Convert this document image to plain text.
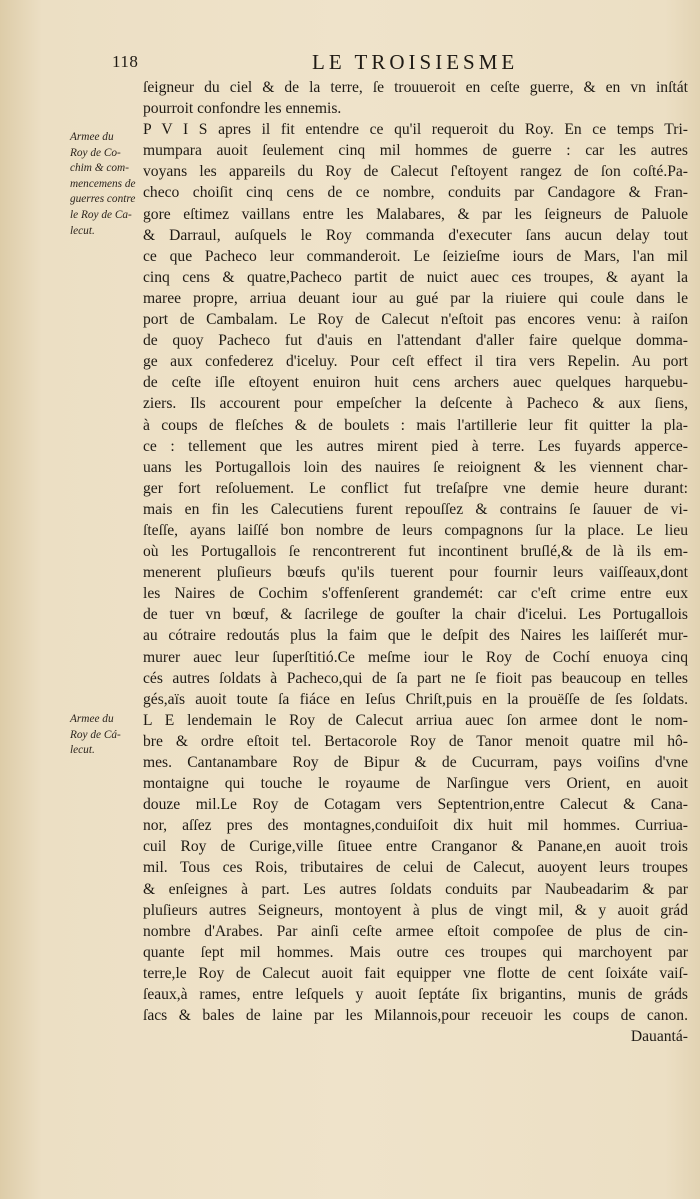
118	LE TROISIESME
Armee du
Roy de Co-
chim & com-
mencemens de
guerres contre
le Roy de Ca-
lecut.
Armee du
Roy de Cá-
lecut.
ſeigneur du ciel & de la terre, ſe trouueroit en ceſte guerre, & en vn inſtát
pourroit confondre les ennemis.
P V I S apres il fit entendre ce qu'il requeroit du Roy. En ce temps Tri-
mumpara auoit ſeulement cinq mil hommes de guerre : car les autres
voyans les appareils du Roy de Calecut ſ'eſtoyent rangez de ſon coſté.Pa-
checo choiſit cinq cens de ce nombre, conduits par Candagore & Fran-
gore eſtimez vaillans entre les Malabares, & par les ſeigneurs de Paluole
& Darraul, auſquels le Roy commanda d'executer ſans aucun delay tout
ce que Pacheco leur commanderoit. Le ſeizieſme iours de Mars, l'an mil
cinq cens & quatre,Pacheco partit de nuict auec ces troupes, & ayant la
maree propre, arriua deuant iour au gué par la riuiere qui coule dans le
port de Cambalam. Le Roy de Calecut n'eſtoit pas encores venu: à raiſon
de quoy Pacheco fut d'auis en l'attendant d'aller faire quelque domma-
ge aux confederez d'iceluy. Pour ceſt effect il tira vers Repelin. Au port
de ceſte iſle eſtoyent enuiron huit cens archers auec quelques harquebu-
ziers. Ils accourent pour empeſcher la deſcente à Pacheco & aux ſiens,
à coups de fleſches & de boulets : mais l'artillerie leur fit quitter la pla-
ce : tellement que les autres mirent pied à terre. Les fuyards apperce-
uans les Portugallois loin des nauires ſe reioignent & les viennent char-
ger fort reſoluement. Le conflict fut treſaſpre vne demie heure durant:
mais en fin les Calecutiens furent repouſſez & contrains ſe ſauuer de vi-
ſteſſe, ayans laiſſé bon nombre de leurs compagnons ſur la place. Le lieu
où les Portugallois ſe rencontrerent fut incontinent bruſlé,& de là ils em-
menerent pluſieurs bœufs qu'ils tuerent pour fournir leurs vaiſſeaux,dont
les Naires de Cochim s'offenſerent grandemét: car c'eſt crime entre eux
de tuer vn bœuf, & ſacrilege de gouſter la chair d'icelui. Les Portugallois
au cótraire redoutás plus la faim que le deſpit des Naires les laiſſerét mur-
murer auec leur ſuperſtitió.Ce meſme iour le Roy de Cochí enuoya cinq
cés autres ſoldats à Pacheco,qui de ſa part ne ſe fioit pas beaucoup en telles
gés,aïs auoit toute ſa fiáce en Ieſus Chriſt,puis en la prouëſſe de ſes ſoldats.
L E lendemain le Roy de Calecut arriua auec ſon armee dont le nom-
bre & ordre eſtoit tel. Bertacorole Roy de Tanor menoit quatre mil hô-
mes. Cantanambare Roy de Bipur & de Cucurram, pays voiſins d'vne
montaigne qui touche le royaume de Narſingue vers Orient, en auoit
douze mil.Le Roy de Cotagam vers Septentrion,entre Calecut & Cana-
nor, aſſez pres des montagnes,conduiſoit dix huit mil hommes. Curriua-
cuil Roy de Curige,ville ſituee entre Cranganor & Panane,en auoit trois
mil. Tous ces Rois, tributaires de celui de Calecut, auoyent leurs troupes
& enſeignes à part. Les autres ſoldats conduits par Naubeadarim & par
pluſieurs autres Seigneurs, montoyent à plus de vingt mil, & y auoit grád
nombre d'Arabes. Par ainſi ceſte armee eſtoit compoſee de plus de cin-
quante ſept mil hommes. Mais outre ces troupes qui marchoyent par
terre,le Roy de Calecut auoit fait equipper vne flotte de cent ſoixáte vaiſ-
ſeaux,à rames, entre leſquels y auoit ſeptáte ſix brigantins, munis de gráds
ſacs & bales de laine par les Milannois,pour receuoir les coups de canon.
Dauantá-
